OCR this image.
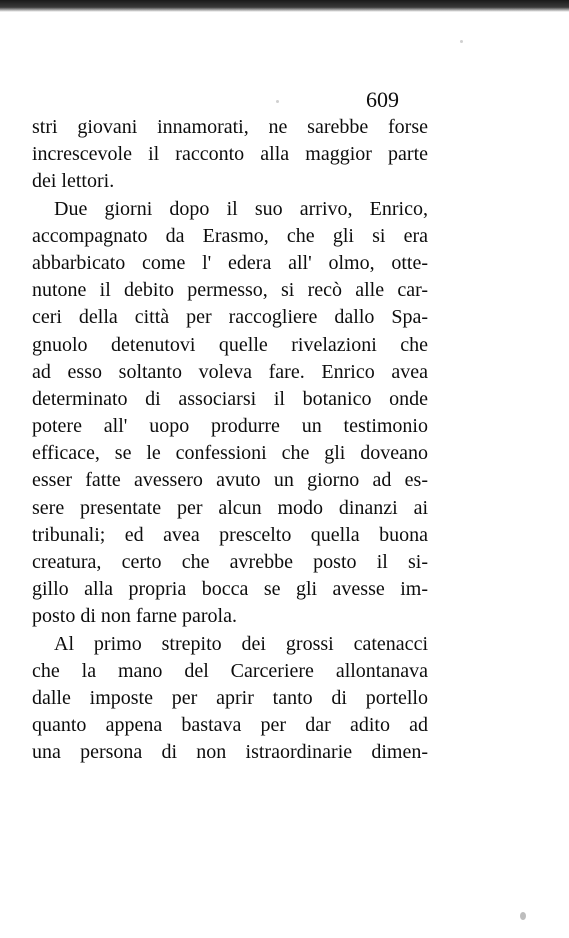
609
stri giovani innamorati, ne sarebbe forse
increscevole il racconto alla maggior parte
dei lettori.
Due giorni dopo il suo arrivo, Enrico,
accompagnato da Erasmo, che gli si era
abbarbicato come l' edera all' olmo, otte-
nutone il debito permesso, si recò alle car-
ceri della città per raccogliere dallo Spa-
gnuolo detenutovi quelle rivelazioni che
ad esso soltanto voleva fare. Enrico avea
determinato di associarsi il botanico onde
potere all' uopo produrre un testimonio
efficace, se le confessioni che gli doveano
esser fatte avessero avuto un giorno ad es-
sere presentate per alcun modo dinanzi ai
tribunali; ed avea prescelto quella buona
creatura, certo che avrebbe posto il si-
gillo alla propria bocca se gli avesse im-
posto di non farne parola.
Al primo strepito dei grossi catenacci
che la mano del Carceriere allontanava
dalle imposte per aprir tanto di portello
quanto appena bastava per dar adito ad
una persona di non istraordinarie dimen-
